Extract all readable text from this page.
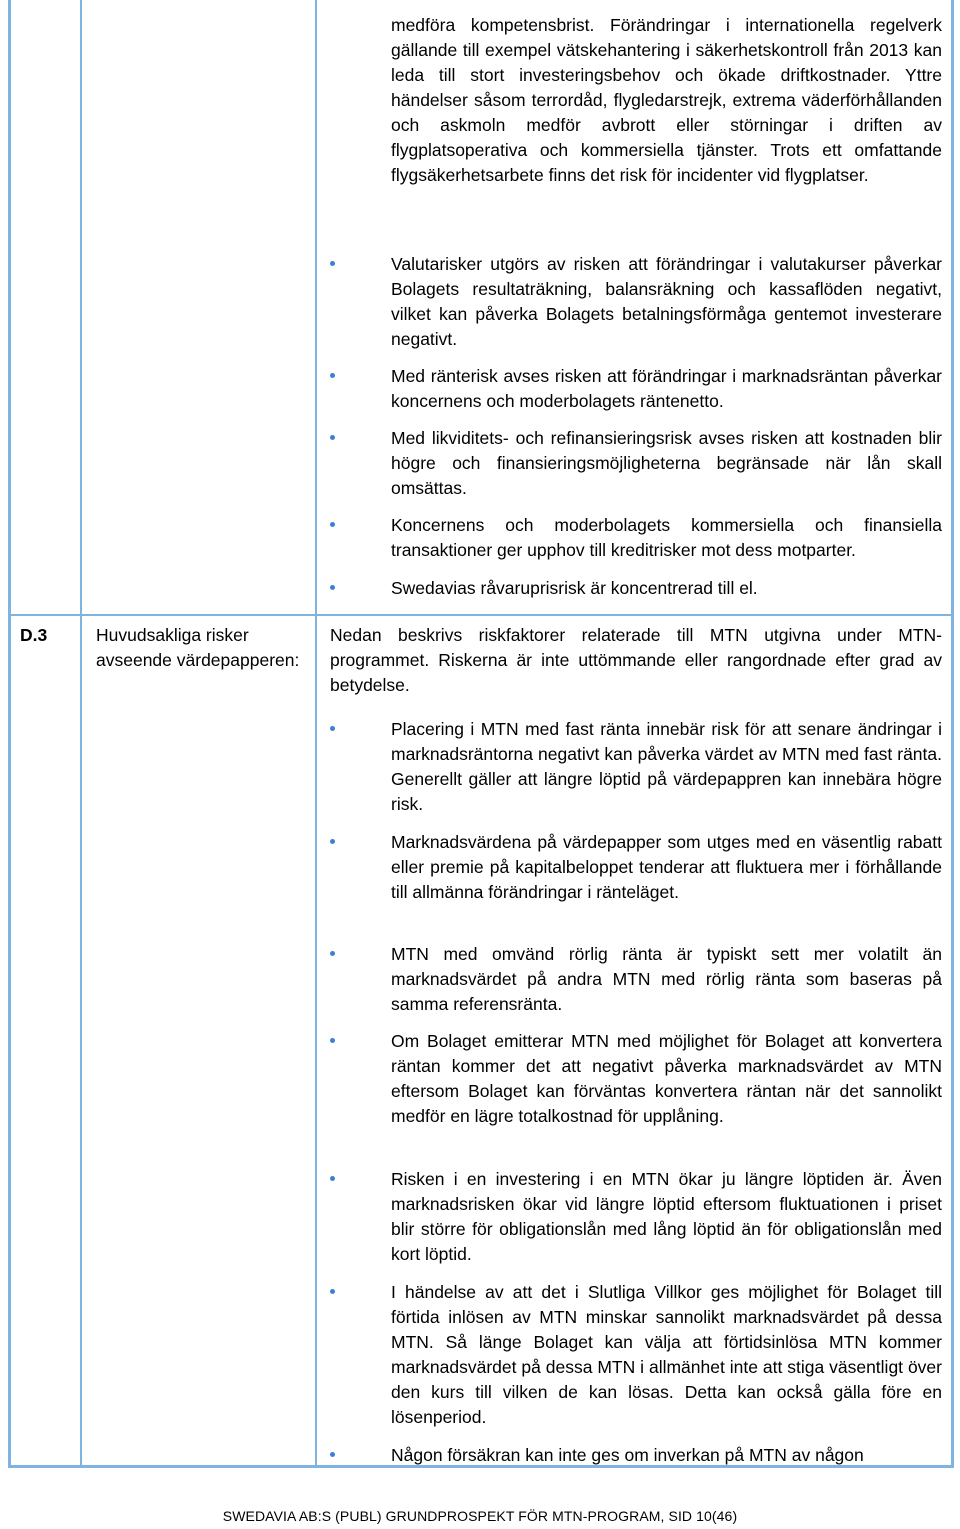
medföra kompetensbrist. Förändringar i internationella regelverk gällande till exempel vätskehantering i säkerhetskontroll från 2013 kan leda till stort investeringsbehov och ökade driftkostnader. Yttre händelser såsom terrordåd, flygledarstrejk, extrema väderförhållanden och askmoln medför avbrott eller störningar i driften av flygplatsoperativa och kommersiella tjänster. Trots ett omfattande flygsäkerhetsarbete finns det risk för incidenter vid flygplatser.

Valutarisker utgörs av risken att förändringar i valutakurser påverkar Bolagets resultaträkning, balansräkning och kassaflöden negativt, vilket kan påverka Bolagets betalningsförmåga gentemot investerare negativt.
Med ränterisk avses risken att förändringar i marknadsräntan påverkar koncernens och moderbolagets räntenetto.
Med likviditets- och refinansieringsrisk avses risken att kostnaden blir högre och finansieringsmöjligheterna begränsade när lån skall omsättas.
Koncernens och moderbolagets kommersiella och finansiella transaktioner ger upphov till kreditrisker mot dess motparter.
Swedavias råvaruprisrisk är koncentrerad till el.
D.3	Huvudsakliga risker avseende värdepapperen:

Nedan beskrivs riskfaktorer relaterade till MTN utgivna under MTN-programmet. Riskerna är inte uttömmande eller rangordnade efter grad av betydelse.

Placering i MTN med fast ränta innebär risk för att senare ändringar i marknadsräntorna negativt kan påverka värdet av MTN med fast ränta. Generellt gäller att längre löptid på värdepappren kan innebära högre risk.
Marknadsvärdena på värdepapper som utges med en väsentlig rabatt eller premie på kapitalbeloppet tenderar att fluktuera mer i förhållande till allmänna förändringar i ränteläget.
MTN med omvänd rörlig ränta är typiskt sett mer volatilt än marknadsvärdet på andra MTN med rörlig ränta som baseras på samma referensränta.
Om Bolaget emitterar MTN med möjlighet för Bolaget att konvertera räntan kommer det att negativt påverka marknadsvärdet av MTN eftersom Bolaget kan förväntas konvertera räntan när det sannolikt medför en lägre totalkostnad för upplåning.
Risken i en investering i en MTN ökar ju längre löptiden är. Även marknadsrisken ökar vid längre löptid eftersom fluktuationen i priset blir större för obligationslån med lång löptid än för obligationslån med kort löptid.
I händelse av att det i Slutliga Villkor ges möjlighet för Bolaget till förtida inlösen av MTN minskar sannolikt marknadsvärdet på dessa MTN. Så länge Bolaget kan välja att förtidsinlösa MTN kommer marknadsvärdet på dessa MTN i allmänhet inte att stiga väsentligt över den kurs till vilken de kan lösas. Detta kan också gälla före en lösenperiod.
Någon försäkran kan inte ges om inverkan på MTN av någon
SWEDAVIA AB:S (PUBL) GRUNDPROSPEKT FÖR MTN-PROGRAM, SID 10(46)
